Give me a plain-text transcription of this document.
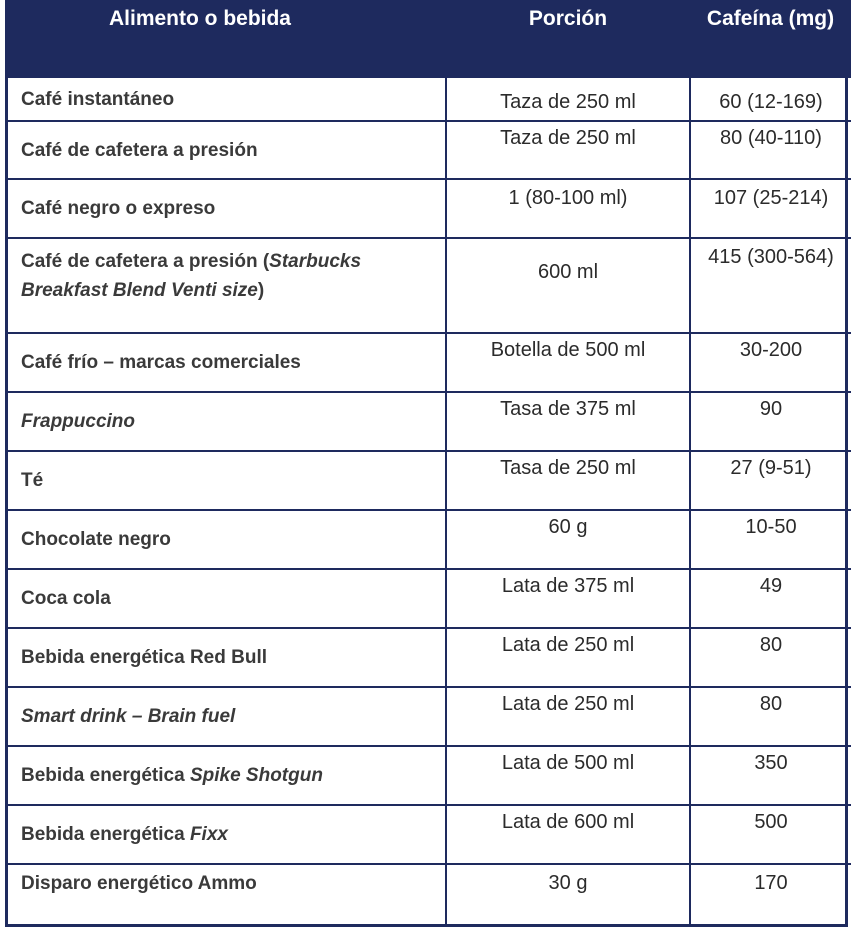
Alimento o bebida	Porción	Cafeína (mg)
Café instantáneo	Taza de 250 ml	60 (12-169)
Café de cafetera a presión	Taza de 250 ml	80 (40-110)
Café negro o expreso	1 (80-100 ml)	107 (25-214)
Café de cafetera a presión (Starbucks Breakfast Blend Venti size)	600 ml	415 (300-564)
Café frío – marcas comerciales	Botella de 500 ml	30-200
Frappuccino	Tasa de 375 ml	90
Té	Tasa de 250 ml	27 (9-51)
Chocolate negro	60 g	10-50
Coca cola	Lata de 375 ml	49
Bebida energética Red Bull	Lata de 250 ml	80
Smart drink – Brain fuel	Lata de 250 ml	80
Bebida energética Spike Shotgun	Lata de 500 ml	350
Bebida energética Fixx	Lata de 600 ml	500
Disparo energético Ammo	30 g	170
